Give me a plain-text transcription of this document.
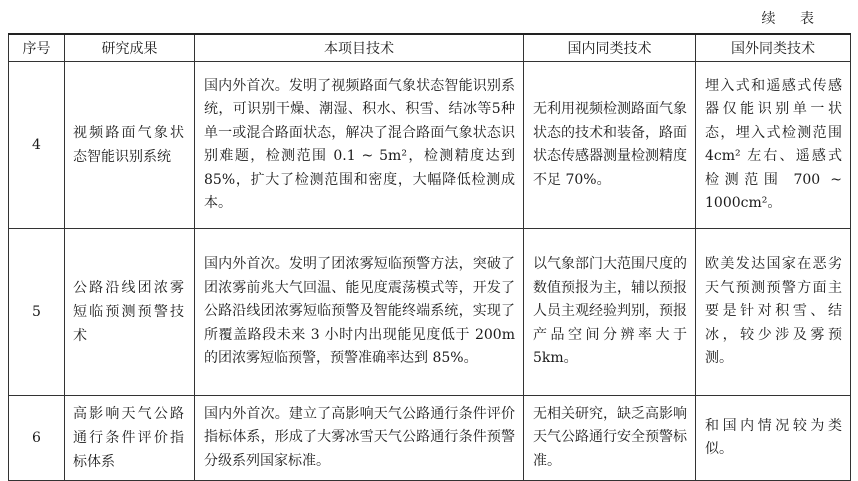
续 表
序号	研究成果	本项目技术	国内同类技术	国外同类技术
4	视频路面气象状态智能识别系统	国内外首次。发明了视频路面气象状态智能识别系统，可识别干燥、潮湿、积水、积雪、结冰等5种单一或混合路面状态，解决了混合路面气象状态识别难题，检测范围 0.1 ~ 5m²，检测精度达到 85%，扩大了检测范围和密度，大幅降低检测成本。	无利用视频检测路面气象状态的技术和装备，路面状态传感器测量检测精度不足 70%。	埋入式和遥感式传感器仅能识别单一状态，埋入式检测范围 4cm² 左右、遥感式检测范围 700 ~ 1000cm²。
5	公路沿线团浓雾短临预测预警技术	国内外首次。发明了团浓雾短临预警方法，突破了团浓雾前兆大气回温、能见度震荡模式等，开发了公路沿线团浓雾短临预警及智能终端系统，实现了所覆盖路段未来 3 小时内出现能见度低于 200m 的团浓雾短临预警，预警准确率达到 85%。	以气象部门大范围尺度的数值预报为主，辅以预报人员主观经验判别，预报产品空间分辨率大于 5km。	欧美发达国家在恶劣天气预测预警方面主要是针对积雪、结冰，较少涉及雾预测。
6	高影响天气公路通行条件评价指标体系	国内外首次。建立了高影响天气公路通行条件评价指标体系，形成了大雾冰雪天气公路通行条件预警分级系列国家标准。	无相关研究，缺乏高影响天气公路通行安全预警标准。	和国内情况较为类似。
